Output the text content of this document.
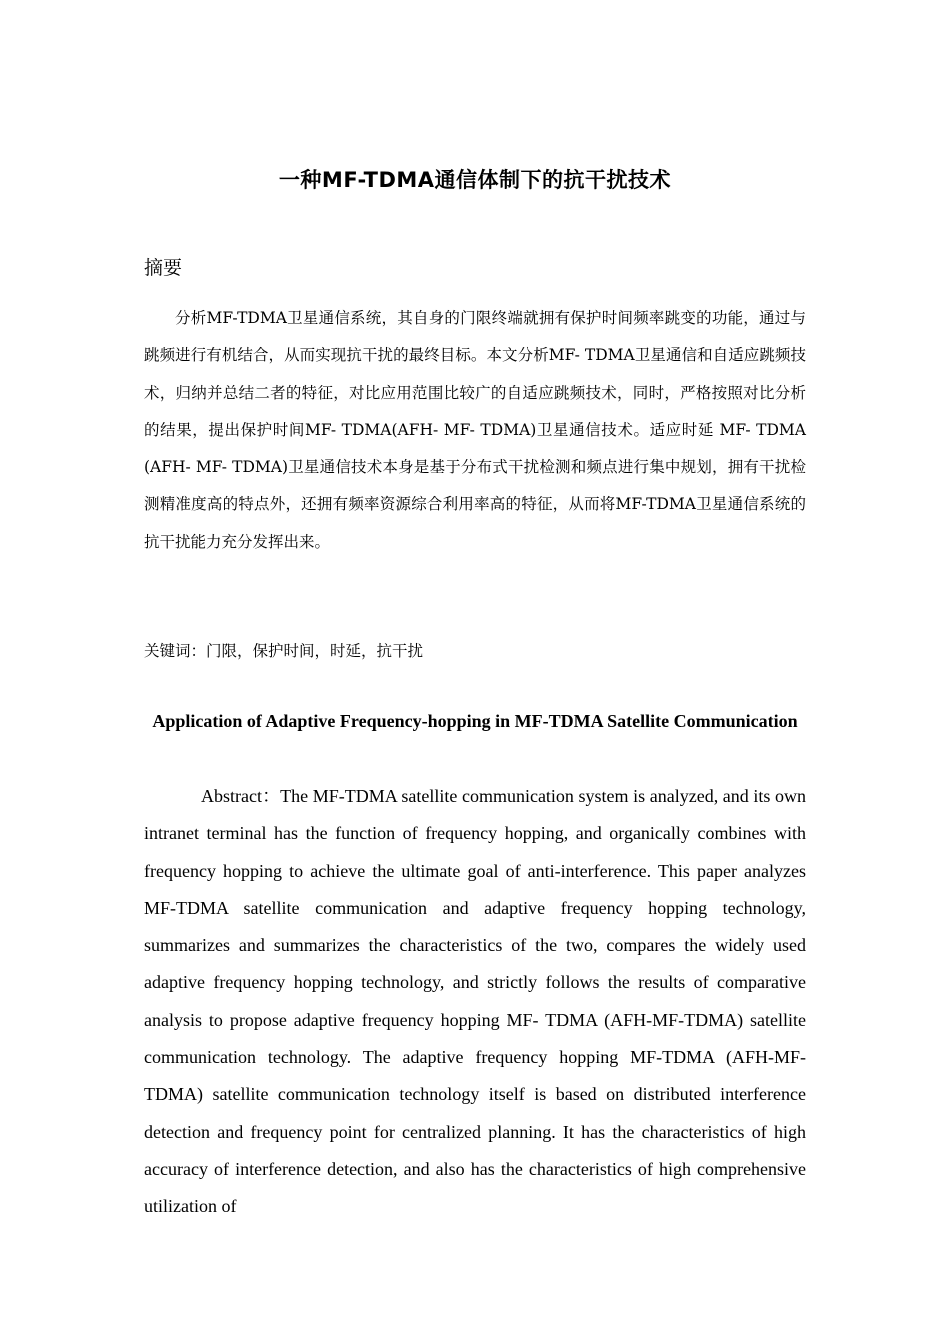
一种MF-TDMA通信体制下的抗干扰技术
摘要

分析MF-TDMA卫星通信系统，其自身的门限终端就拥有保护时间频率跳变的功能，通过与跳频进行有机结合，从而实现抗干扰的最终目标。本文分析MF- TDMA卫星通信和自适应跳频技术，归纳并总结二者的特征，对比应用范围比较广的自适应跳频技术，同时，严格按照对比分析的结果，提出保护时间MF- TDMA(AFH- MF- TDMA)卫星通信技术。适应时延 MF- TDMA(AFH- MF- TDMA)卫星通信技术本身是基于分布式干扰检测和频点进行集中规划，拥有干扰检测精准度高的特点外，还拥有频率资源综合利用率高的特征，从而将MF-TDMA卫星通信系统的抗干扰能力充分发挥出来。

关键词：门限，保护时间，时延，抗干扰
Application of Adaptive Frequency-hopping in MF-TDMA Satellite Communication

Abstract：The MF-TDMA satellite communication system is analyzed, and its own intranet terminal has the function of frequency hopping, and organically combines with frequency hopping to achieve the ultimate goal of anti-interference. This paper analyzes MF-TDMA satellite communication and adaptive frequency hopping technology, summarizes and summarizes the characteristics of the two, compares the widely used adaptive frequency hopping technology, and strictly follows the results of comparative analysis to propose adaptive frequency hopping MF- TDMA (AFH-MF-TDMA) satellite communication technology. The adaptive frequency hopping MF-TDMA (AFH-MF-TDMA) satellite communication technology itself is based on distributed interference detection and frequency point for centralized planning. It has the characteristics of high accuracy of interference detection, and also has the characteristics of high comprehensive utilization of
